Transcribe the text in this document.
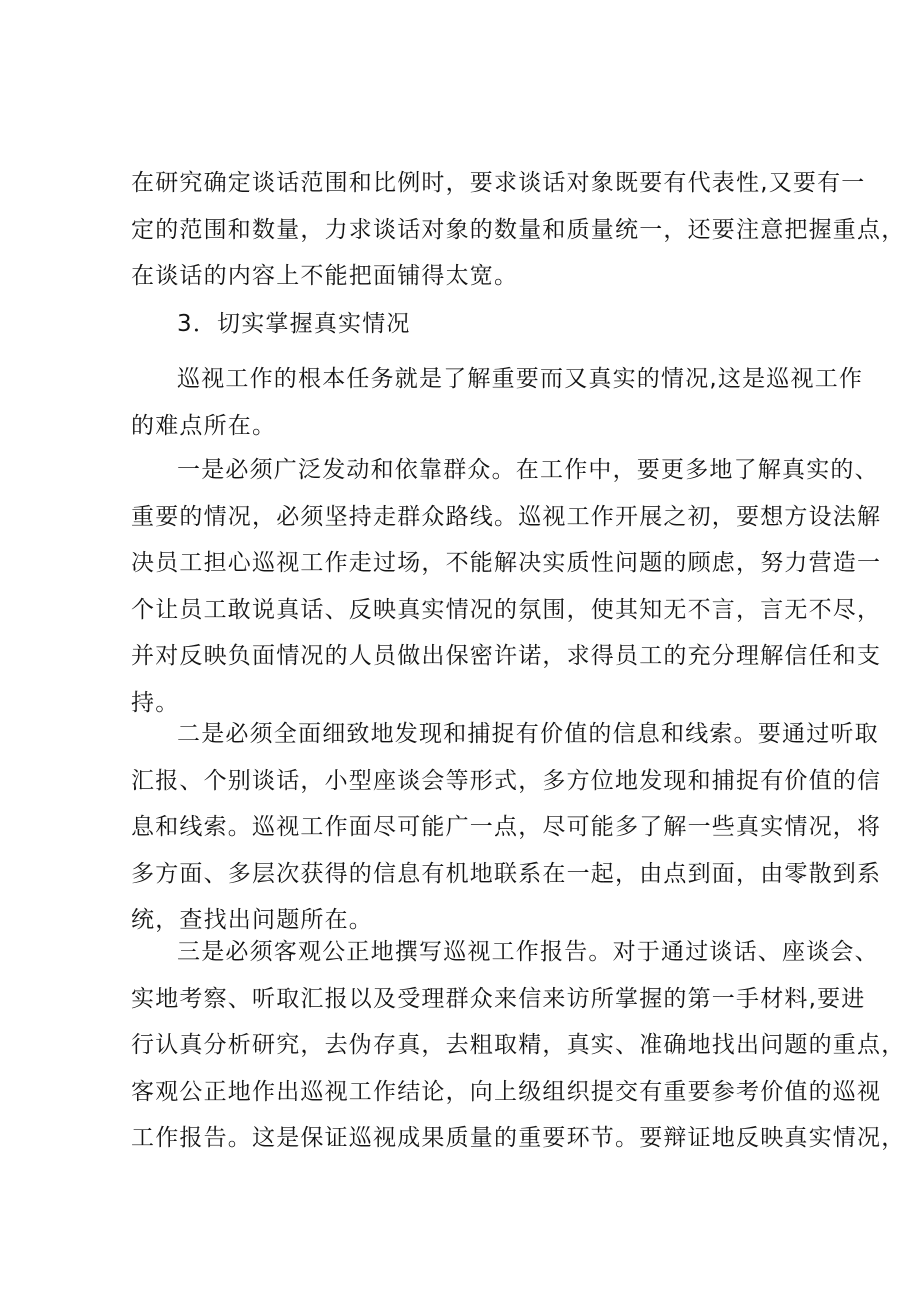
在研究确定谈话范围和比例时，要求谈话对象既要有代表性,又要有一
定的范围和数量，力求谈话对象的数量和质量统一，还要注意把握重点，
在谈话的内容上不能把面铺得太宽。
3．切实掌握真实情况
巡视工作的根本任务就是了解重要而又真实的情况,这是巡视工作
的难点所在。
一是必须广泛发动和依靠群众。在工作中，要更多地了解真实的、
重要的情况，必须坚持走群众路线。巡视工作开展之初，要想方设法解
决员工担心巡视工作走过场，不能解决实质性问题的顾虑，努力营造一
个让员工敢说真话、反映真实情况的氛围，使其知无不言，言无不尽，
并对反映负面情况的人员做出保密许诺，求得员工的充分理解信任和支
持。
二是必须全面细致地发现和捕捉有价值的信息和线索。要通过听取
汇报、个别谈话，小型座谈会等形式，多方位地发现和捕捉有价值的信
息和线索。巡视工作面尽可能广一点，尽可能多了解一些真实情况，将
多方面、多层次获得的信息有机地联系在一起，由点到面，由零散到系
统，查找出问题所在。
三是必须客观公正地撰写巡视工作报告。对于通过谈话、座谈会、
实地考察、听取汇报以及受理群众来信来访所掌握的第一手材料,要进
行认真分析研究，去伪存真，去粗取精，真实、准确地找出问题的重点，
客观公正地作出巡视工作结论，向上级组织提交有重要参考价值的巡视
工作报告。这是保证巡视成果质量的重要环节。要辩证地反映真实情况，
